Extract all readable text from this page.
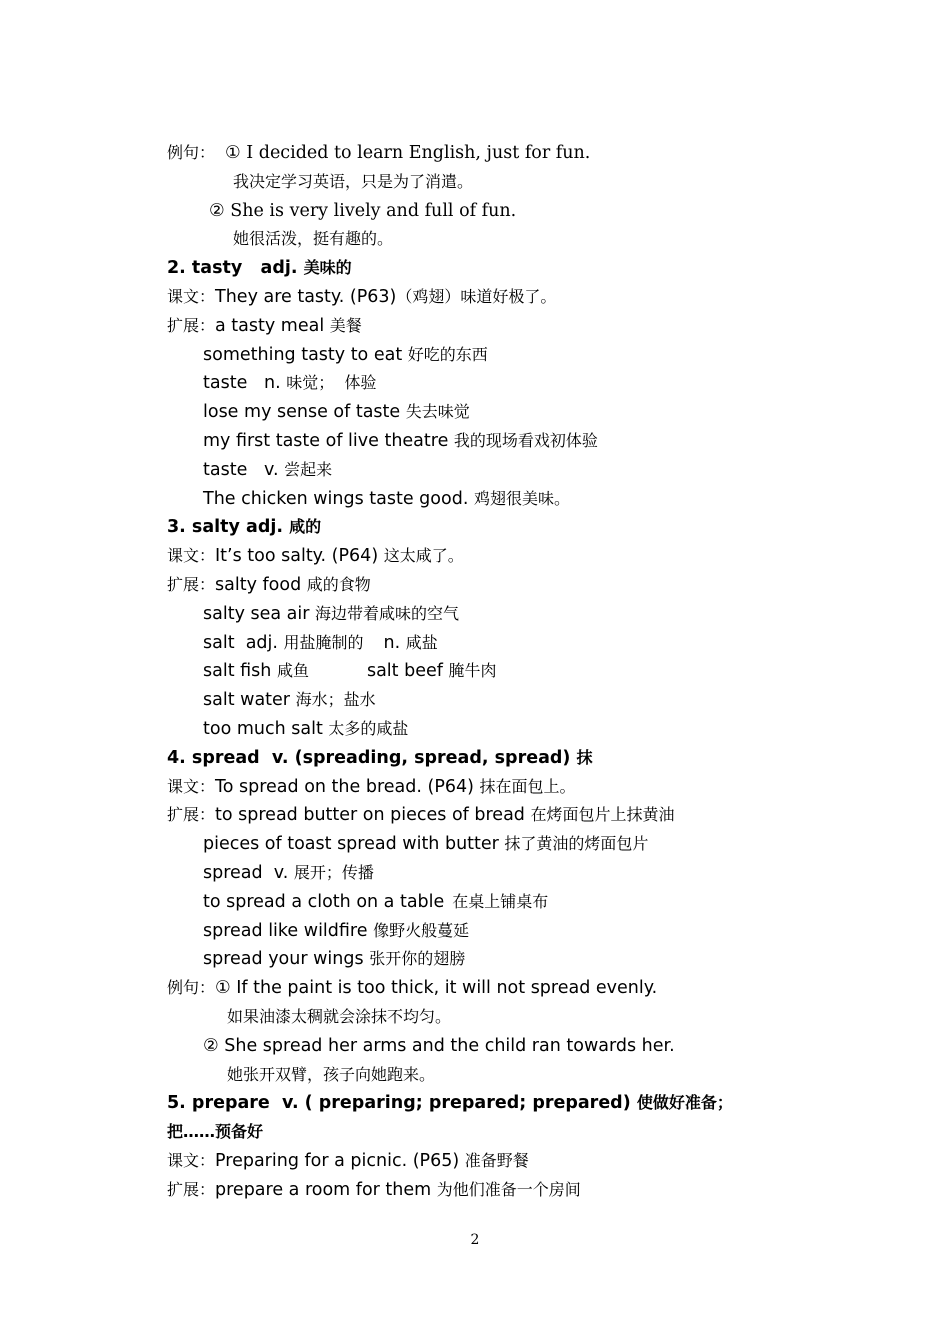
例句： ① I decided to learn English, just for fun.
我决定学习英语，只是为了消遣。
② She is very lively and full of fun.
她很活泼，挺有趣的。
2. tasty   adj. 美味的
课文：They are tasty. (P63)（鸡翅）味道好极了。
扩展：a tasty meal 美餐
something tasty to eat 好吃的东西
taste   n. 味觉；  体验
lose my sense of taste 失去味觉
my first taste of live theatre 我的现场看戏初体验
taste   v. 尝起来
The chicken wings taste good. 鸡翅很美味。
3. salty adj. 咸的
课文：It’s too salty. (P64) 这太咸了。
扩展：salty food 咸的食物
salty sea air 海边带着咸味的空气
salt  adj. 用盐腌制的 n. 咸盐
salt fish 咸鱼	salt beef 腌牛肉
salt water 海水；盐水
too much salt 太多的咸盐
4. spread  v. (spreading, spread, spread) 抹
课文：To spread on the bread. (P64) 抹在面包上。
扩展：to spread butter on pieces of bread 在烤面包片上抹黄油
pieces of toast spread with butter 抹了黄油的烤面包片
spread  v. 展开；传播
to spread a cloth on a table 在桌上铺桌布
spread like wildfire 像野火般蔓延
spread your wings 张开你的翅膀
例句：① If the paint is too thick, it will not spread evenly.
如果油漆太稠就会涂抹不均匀。
② She spread her arms and the child ran towards her.
她张开双臂，孩子向她跑来。
5. prepare  v. ( preparing; prepared; prepared) 使做好准备；
把……预备好
课文：Preparing for a picnic. (P65) 准备野餐
扩展：prepare a room for them 为他们准备一个房间
2
